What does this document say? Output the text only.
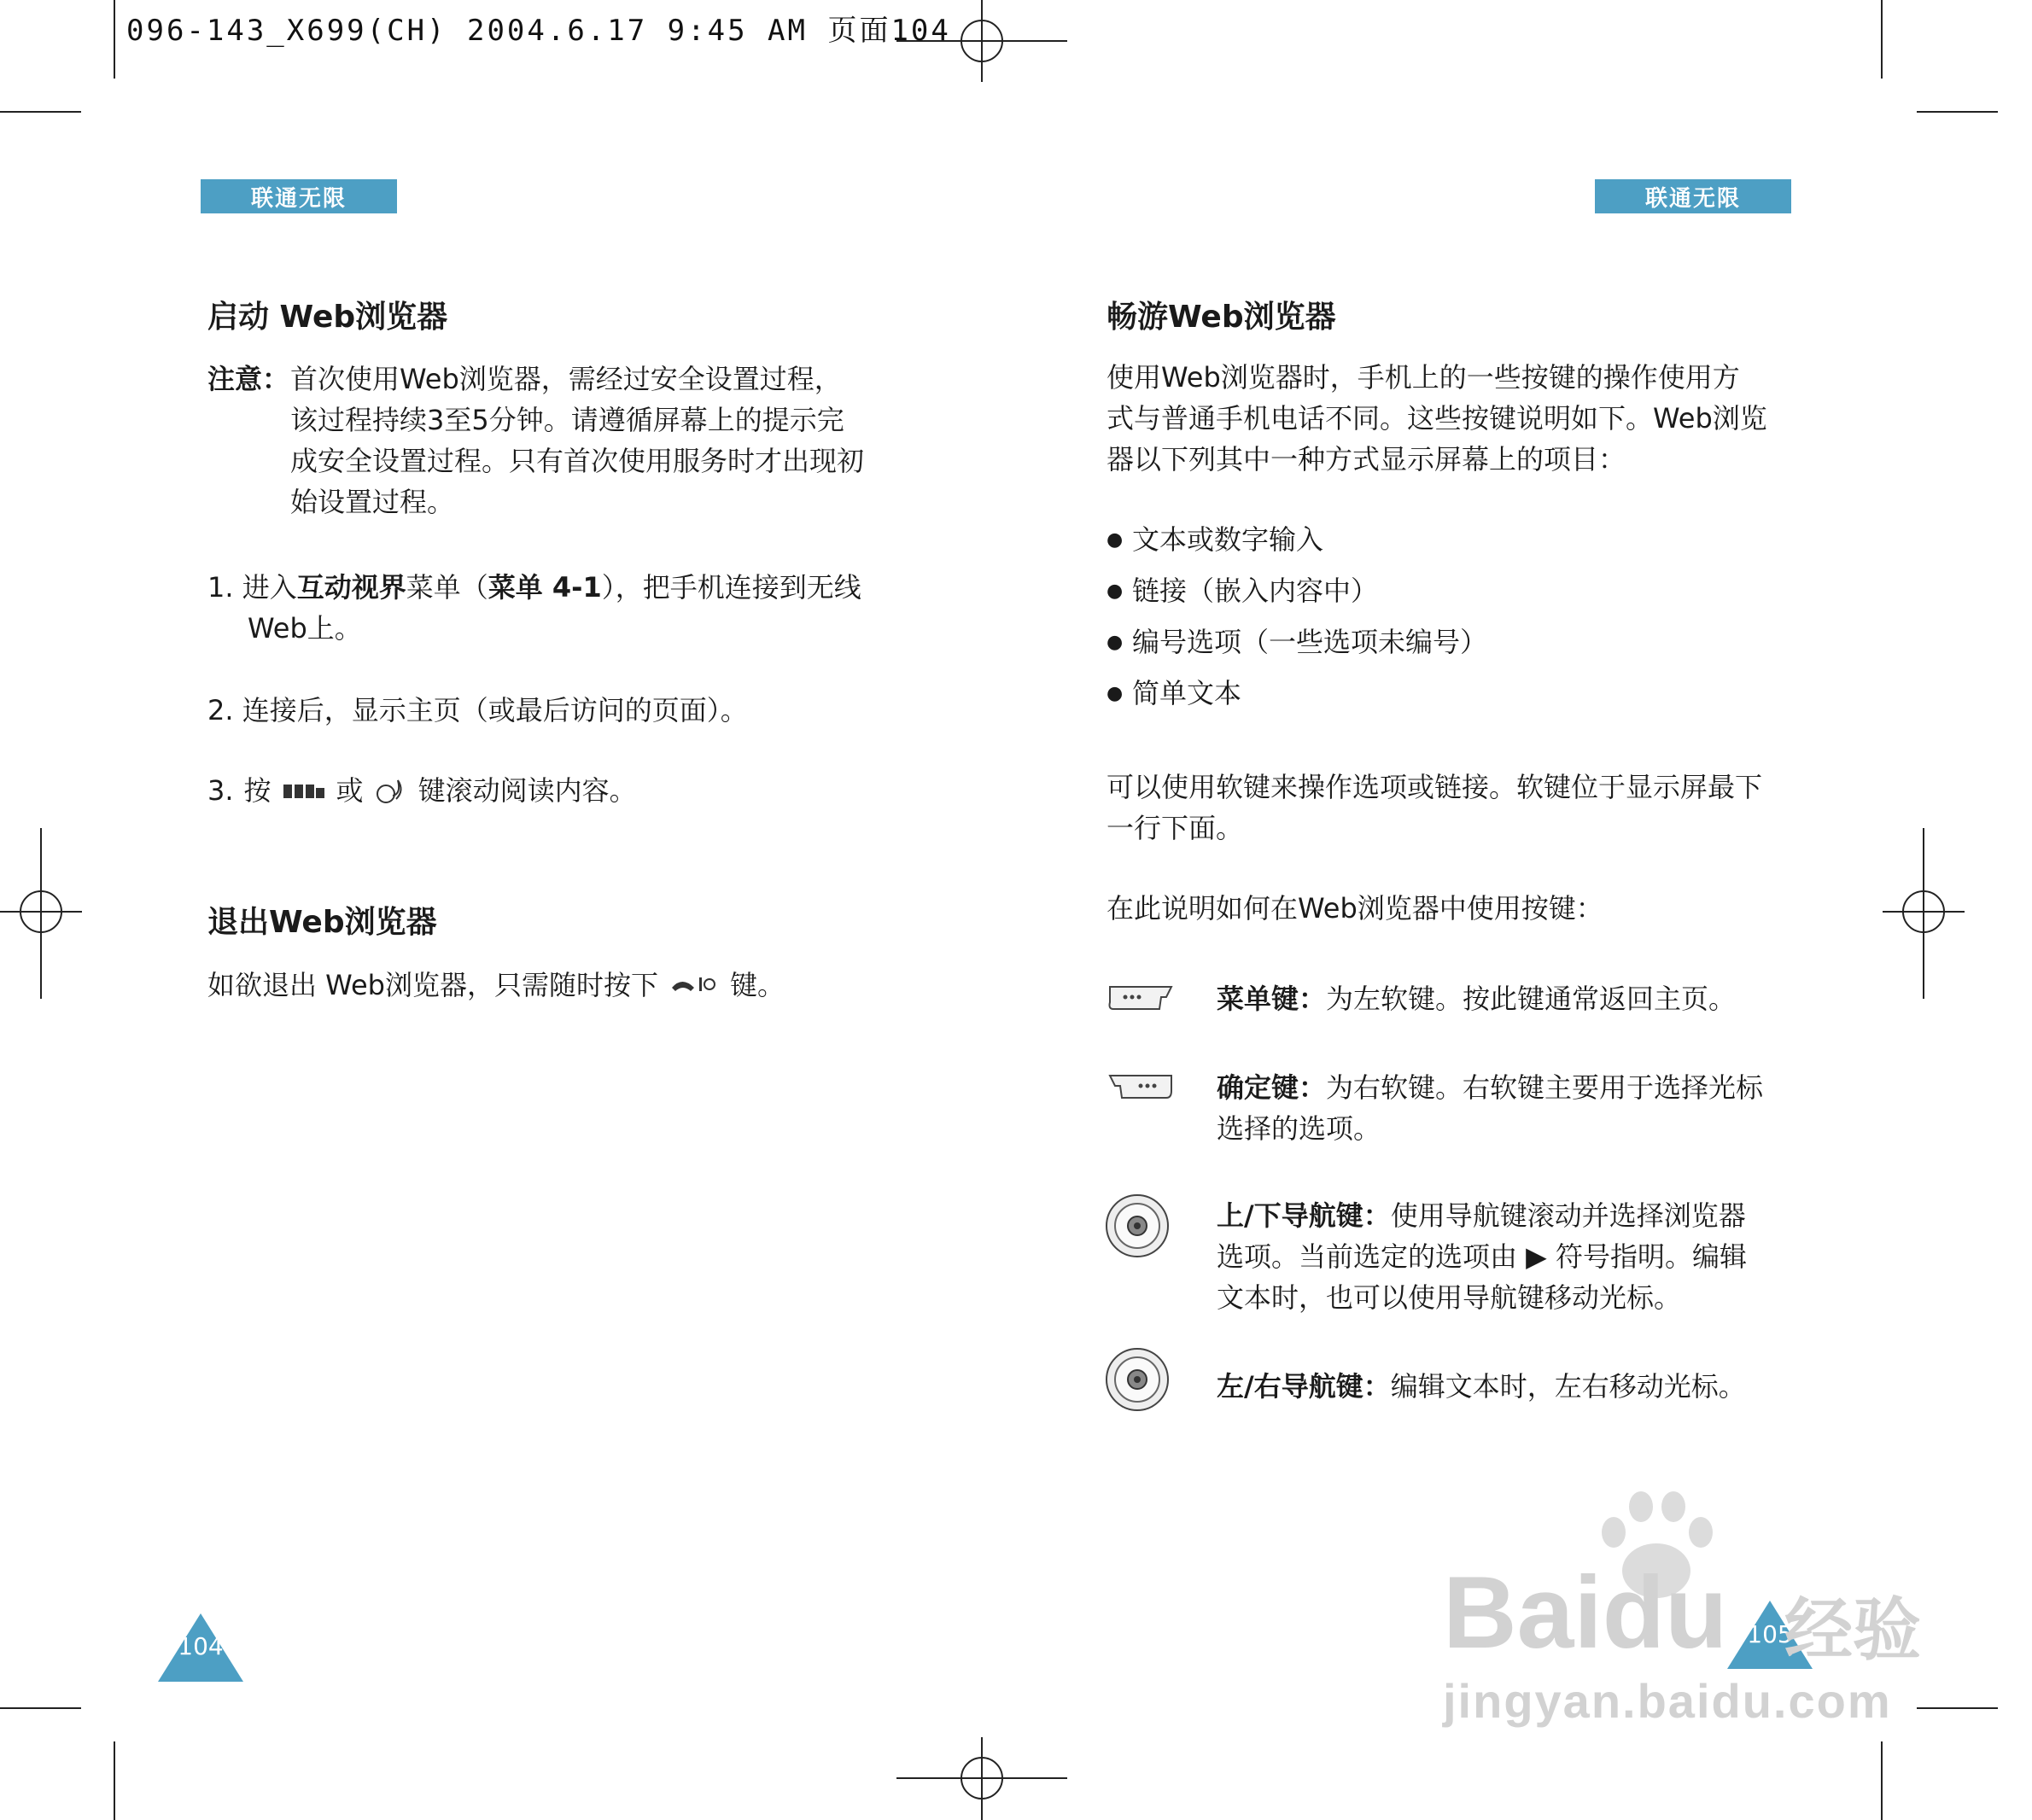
096-143_X699(CH) 2004.6.17 9:45 AM 页面104
联通无限	联通无限
启动 Web浏览器
注意： 首次使用Web浏览器，需经过安全设置过程，
该过程持续3至5分钟。请遵循屏幕上的提示完
成安全设置过程。只有首次使用服务时才出现初
始设置过程。
1. 进入互动视界菜单（菜单 4-1），把手机连接到无线
Web上。
2. 连接后，显示主页（或最后访问的页面）。
3. 按 或 键滚动阅读内容。
退出Web浏览器
如欲退出 Web浏览器，只需随时按下	键。
104
畅游Web浏览器
使用Web浏览器时，手机上的一些按键的操作使用方
式与普通手机电话不同。这些按键说明如下。Web浏览
器以下列其中一种方式显示屏幕上的项目：
● 文本或数字输入
● 链接（嵌入内容中）
● 编号选项（一些选项未编号）
● 简单文本
可以使用软键来操作选项或链接。软键位于显示屏最下
一行下面。
在此说明如何在Web浏览器中使用按键：
菜单键：为左软键。按此键通常返回主页。
确定键：为右软键。右软键主要用于选择光标
选择的选项。
上/下导航键：使用导航键滚动并选择浏览器
选项。当前选定的选项由 ▶ 符号指明。编辑
文本时，也可以使用导航键移动光标。
左/右导航键：编辑文本时，左右移动光标。
105
Baidu 经验
jingyan.baidu.com
